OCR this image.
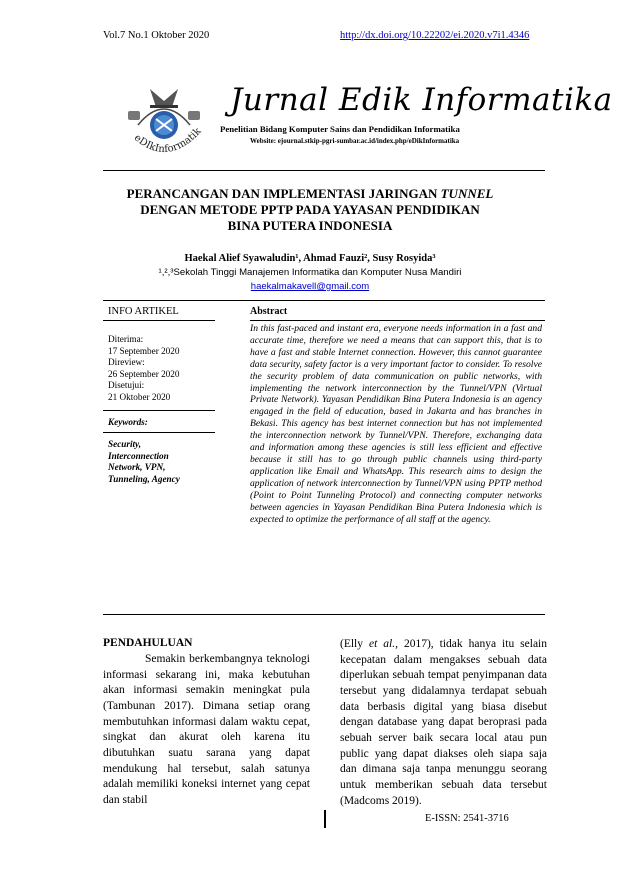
Vol.7 No.1 Oktober 2020	http://dx.doi.org/10.22202/ei.2020.v7i1.4346
eDIkInformatik
Jurnal Edik Informatika
Penelitian Bidang Komputer Sains dan Pendidikan Informatika
Website: ejournal.stkip-pgri-sumbar.ac.id/index.php/eDikInformatika
PERANCANGAN DAN IMPLEMENTASI JARINGAN TUNNEL
DENGAN METODE PPTP PADA YAYASAN PENDIDIKAN
BINA PUTERA INDONESIA
Haekal Alief Syawaludin¹, Ahmad Fauzi², Susy Rosyida³
¹,²,³Sekolah Tinggi Manajemen Informatika dan Komputer Nusa Mandiri
haekalmakavell@gmail.com
INFO ARTIKEL
Diterima:
17 September 2020
Direview:
26 September 2020
Disetujui:
21 Oktober 2020
Keywords:
Security,
Interconnection
Network, VPN,
Tunneling, Agency
Abstract
In this fast-paced and instant era, everyone needs information in a fast and accurate time, therefore we need a means that can support this, that is to have a fast and stable Internet connection. However, this cannot guarantee data security, safety factor is a very important factor to consider. To resolve the security problem of data communication on public networks, with implementing the network interconnection by the Tunnel/VPN (Virtual Private Network). Yayasan Pendidikan Bina Putera Indonesia is an agency engaged in the field of education, based in Jakarta and has branches in Bekasi. This agency has best internet connection but has not implemented the interconnection network by Tunnel/VPN. Therefore, exchanging data and information among these agencies is still less efficient and effective because it still has to go through public channels using third-party application like Email and WhatsApp. This research aims to design the application of network interconnection by Tunnel/VPN using PPTP method (Point to Point Tunneling Protocol) and connecting computer networks between agencies in Yayasan Pendidikan Bina Putera Indonesia which is expected to optimize the performance of all staff at the agency.
PENDAHULUAN

Semakin berkembangnya teknologi informasi sekarang ini, maka kebutuhan akan informasi semakin meningkat pula (Tambunan 2017). Dimana setiap orang membutuhkan informasi dalam waktu cepat, singkat dan akurat oleh karena itu dibutuhkan suatu sarana yang dapat mendukung hal tersebut, salah satunya adalah memiliki koneksi internet yang cepat dan stabil

(Elly et al., 2017), tidak hanya itu selain kecepatan dalam mengakses sebuah data diperlukan sebuah tempat penyimpanan data tersebut yang didalamnya terdapat sebuah data berbasis digital yang biasa disebut dengan database yang dapat beroprasi pada sebuah server baik secara local atau pun public yang dapat diakses oleh siapa saja dan dimana saja tanpa menunggu seorang untuk memberikan sebuah data tersebut (Madcoms 2019).

E-ISSN: 2541-3716
